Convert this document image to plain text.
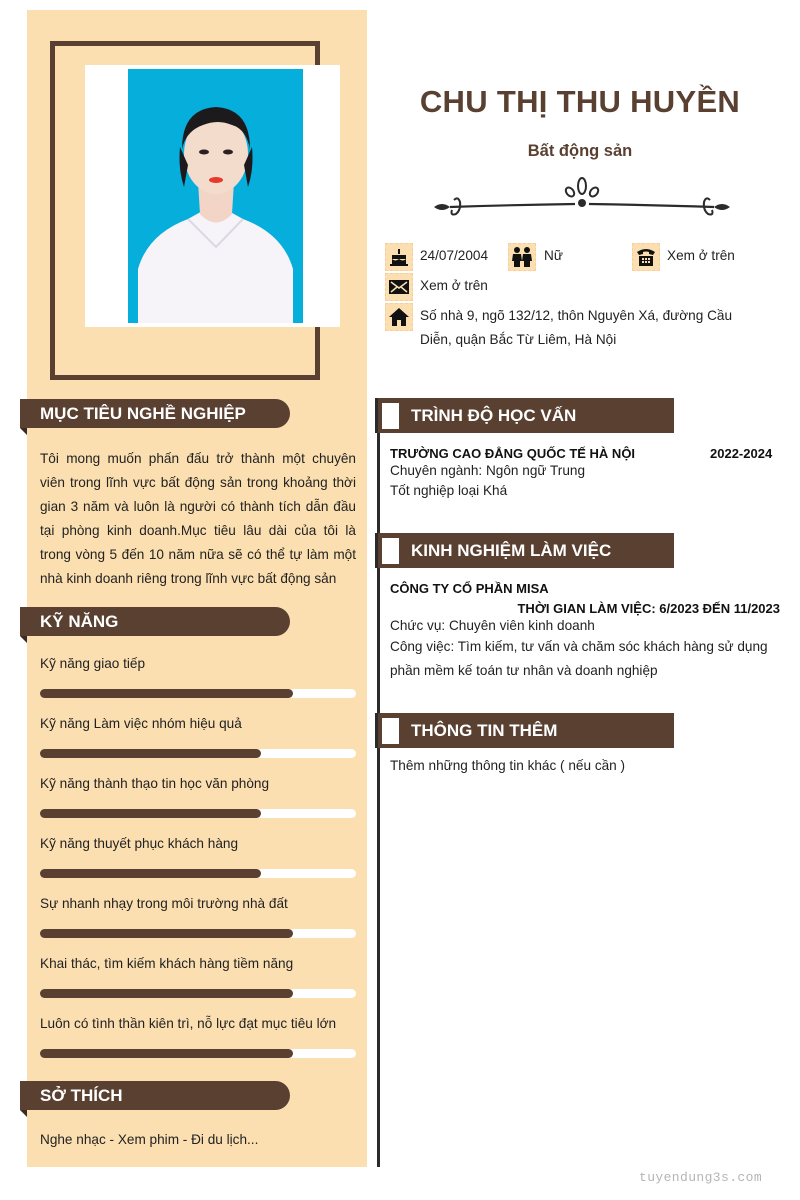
CHU THỊ THU HUYỀN
Bất động sản
24/07/2004	Nữ	Xem ở trên
Xem ở trên
Số nhà 9, ngõ 132/12, thôn Nguyên Xá, đường Cầu
Diễn, quận Bắc Từ Liêm, Hà Nội
MỤC TIÊU NGHỀ NGHIỆP
Tôi mong muốn phấn đấu trở thành một chuyên viên trong lĩnh vực bất động sản trong khoảng thời gian 3 năm và luôn là người có thành tích dẫn đầu tại phòng kinh doanh.Mục tiêu lâu dài của tôi là trong vòng 5 đến 10 năm nữa sẽ có thể tự làm một nhà kinh doanh riêng trong lĩnh vực bất động sản
KỸ NĂNG
Kỹ năng giao tiếp
Kỹ năng Làm việc nhóm hiệu quả
Kỹ năng thành thạo tin học văn phòng
Kỹ năng thuyết phục khách hàng
Sự nhanh nhạy trong môi trường nhà đất
Khai thác, tìm kiếm khách hàng tiềm năng
Luôn có tình thần kiên trì, nỗ lực đạt mục tiêu lớn
SỞ THÍCH
Nghe nhạc - Xem phim - Đi du lịch...
TRÌNH ĐỘ HỌC VẤN
TRƯỜNG CAO ĐẲNG QUỐC TẾ HÀ NỘI	2022-2024
Chuyên ngành: Ngôn ngữ Trung
Tốt nghiệp loại Khá
KINH NGHIỆM LÀM VIỆC
CÔNG TY CỔ PHẦN MISA
THỜI GIAN LÀM VIỆC: 6/2023 ĐẾN 11/2023
Chức vụ: Chuyên viên kinh doanh
Công việc: Tìm kiếm, tư vấn và chăm sóc khách hàng sử dụng
phần mềm kế toán tư nhân và doanh nghiệp
THÔNG TIN THÊM
Thêm những thông tin khác ( nếu cần )
tuyendung3s.com
